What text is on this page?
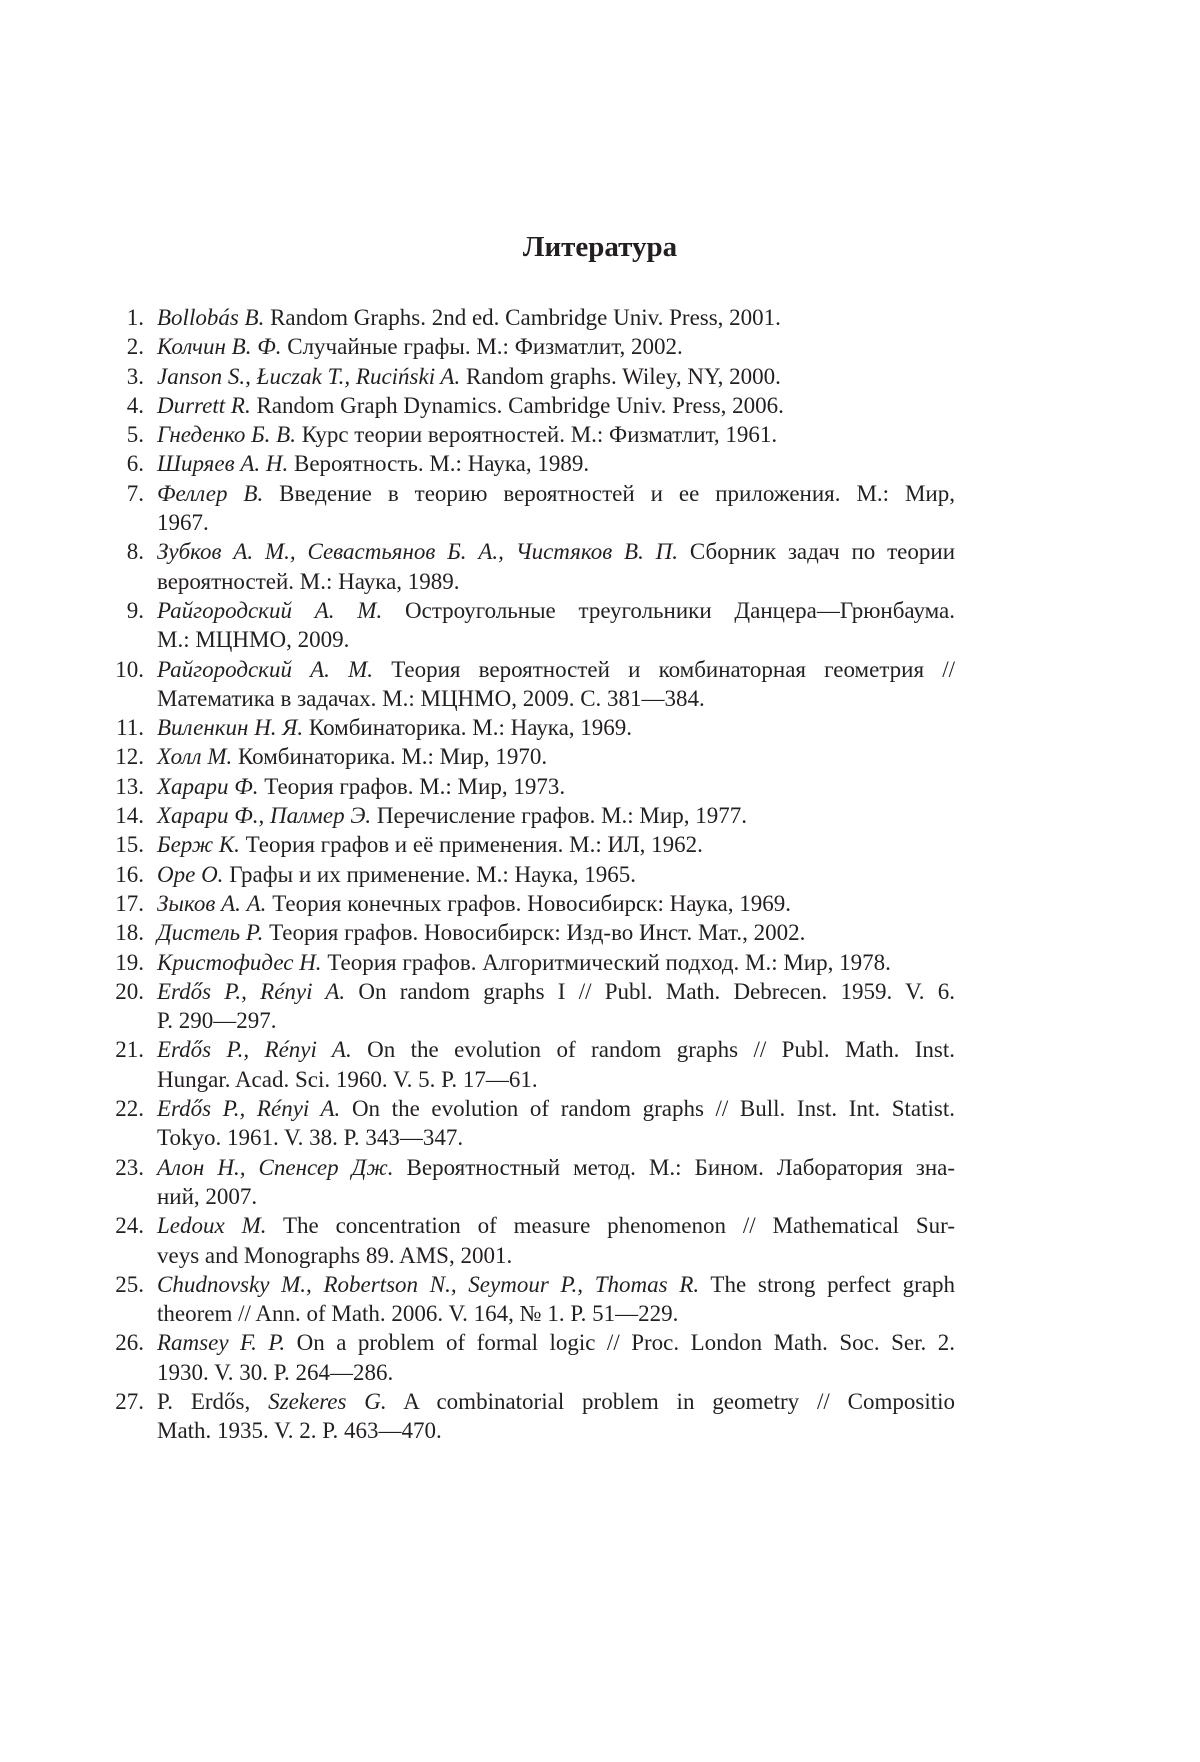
Литература
1. Bollobás B. Random Graphs. 2nd ed. Cambridge Univ. Press, 2001.
2. Колчин В. Ф. Случайные графы. М.: Физматлит, 2002.
3. Janson S., Łuczak T., Ruciński A. Random graphs. Wiley, NY, 2000.
4. Durrett R. Random Graph Dynamics. Cambridge Univ. Press, 2006.
5. Гнеденко Б. В. Курс теории вероятностей. М.: Физматлит, 1961.
6. Ширяев А. Н. Вероятность. М.: Наука, 1989.
7. Феллер В. Введение в теорию вероятностей и ее приложения. М.: Мир,
1967.
8. Зубков А. М., Севастьянов Б. А., Чистяков В. П. Сборник задач по теории
вероятностей. М.: Наука, 1989.
9. Райгородский А. М. Остроугольные треугольники Данцера—Грюнбаума.
М.: МЦНМО, 2009.
10. Райгородский А. М. Теория вероятностей и комбинаторная геометрия //
Математика в задачах. М.: МЦНМО, 2009. С. 381—384.
11. Виленкин Н. Я. Комбинаторика. М.: Наука, 1969.
12. Холл М. Комбинаторика. М.: Мир, 1970.
13. Харари Ф. Теория графов. М.: Мир, 1973.
14. Харари Ф., Палмер Э. Перечисление графов. М.: Мир, 1977.
15. Берж К. Теория графов и её применения. М.: ИЛ, 1962.
16. Оре О. Графы и их применение. М.: Наука, 1965.
17. Зыков А. А. Теория конечных графов. Новосибирск: Наука, 1969.
18. Дистель Р. Теория графов. Новосибирск: Изд-во Инст. Мат., 2002.
19. Кристофидес Н. Теория графов. Алгоритмический подход. М.: Мир, 1978.
20. Erdős P., Rényi A. On random graphs I // Publ. Math. Debrecen. 1959. V. 6.
P. 290—297.
21. Erdős P., Rényi A. On the evolution of random graphs // Publ. Math. Inst.
Hungar. Acad. Sci. 1960. V. 5. P. 17—61.
22. Erdős P., Rényi A. On the evolution of random graphs // Bull. Inst. Int. Statist.
Tokyo. 1961. V. 38. P. 343—347.
23. Алон Н., Спенсер Дж. Вероятностный метод. М.: Бином. Лаборатория зна-
ний, 2007.
24. Ledoux M. The concentration of measure phenomenon // Mathematical Sur-
veys and Monographs 89. AMS, 2001.
25. Chudnovsky M., Robertson N., Seymour P., Thomas R. The strong perfect graph
theorem // Ann. of Math. 2006. V. 164, № 1. P. 51—229.
26. Ramsey F. P. On a problem of formal logic // Proc. London Math. Soc. Ser. 2.
1930. V. 30. P. 264—286.
27. P. Erdős, Szekeres G. A combinatorial problem in geometry // Compositio
Math. 1935. V. 2. P. 463—470.
